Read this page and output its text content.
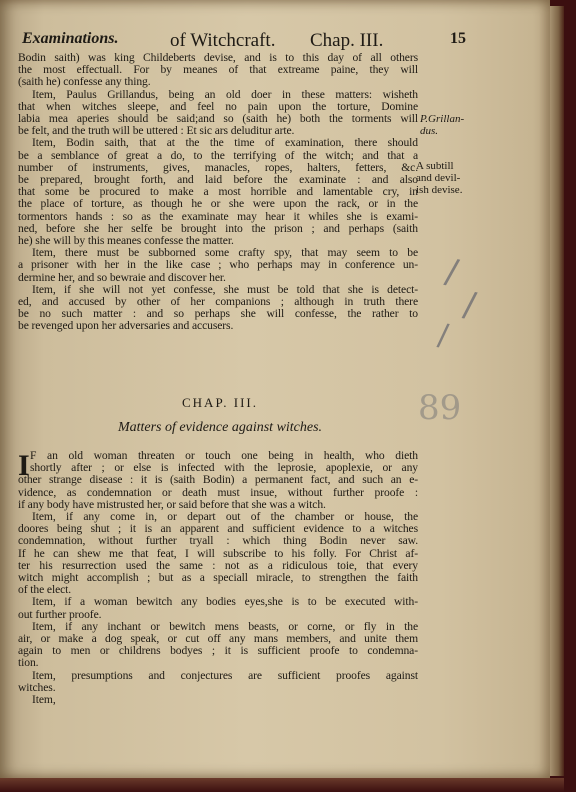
Examinations.	of Witchcraft. Chap. III.	15
Bodin saith) was king Childeberts devise, and is to this day of all others
the most effectuall. For by meanes of that extreame paine, they will
(saith he) confesse any thing.
Item, Paulus Grillandus, being an old doer in these matters: wisheth
that when witches sleepe, and feel no pain upon the torture, Domine
labia mea aperies should be said;and so (saith he) both the torments will
be felt, and the truth will be uttered : Et sic ars deluditur arte.
Item, Bodin saith, that at the the time of examination, there should
be a semblance of great a do, to the terrifying of the witch; and that a
number of instruments, gives, manacles, ropes, halters, fetters, &c.
be prepared, brought forth, and laid before the examinate : and also
that some be procured to make a most horrible and lamentable cry, in
the place of torture, as though he or she were upon the rack, or in the
tormentors hands : so as the examinate may hear it whiles she is exami-
ned, before she her selfe be brought into the prison ; and perhaps (saith
he) she will by this meanes confesse the matter.
Item, there must be subborned some crafty spy, that may seem to be
a prisoner with her in the like case ; who perhaps may in conference un-
dermine her, and so bewraie and discover her.
Item, if she will not yet confesse, she must be told that she is detect-
ed, and accused by other of her companions ; although in truth there
be no such matter : and so perhaps she will confesse, the rather to
be revenged upon her adversaries and accusers.
P.Grillan-
dus.
A subtill
and devil-
ish devise.
CHAP. III.
Matters of evidence against witches.
I F an old woman threaten or touch one being in health, who dieth
shortly after ; or else is infected with the leprosie, apoplexie, or any
other strange disease : it is (saith Bodin) a permanent fact, and such an e-
vidence, as condemnation or death must insue, without further proofe :
if any body have mistrusted her, or said before that she was a witch.
Item, if any come in, or depart out of the chamber or house, the
doores being shut ; it is an apparent and sufficient evidence to a witches
condemnation, without further tryall : which thing Bodin never saw.
If he can shew me that feat, I will subscribe to his folly. For Christ af-
ter his resurrection used the same : not as a ridiculous toie, that every
witch might accomplish ; but as a speciall miracle, to strengthen the faith
of the elect.
Item, if a woman bewitch any bodies eyes,she is to be executed with-
out further proofe.
Item, if any inchant or bewitch mens beasts, or corne, or fly in the
air, or make a dog speak, or cut off any mans members, and unite them
again to men or childrens bodyes ; it is sufficient proofe to condemna-
tion.
Item, presumptions and conjectures are sufficient proofes against
witches.
Item,
/
/
/
89
